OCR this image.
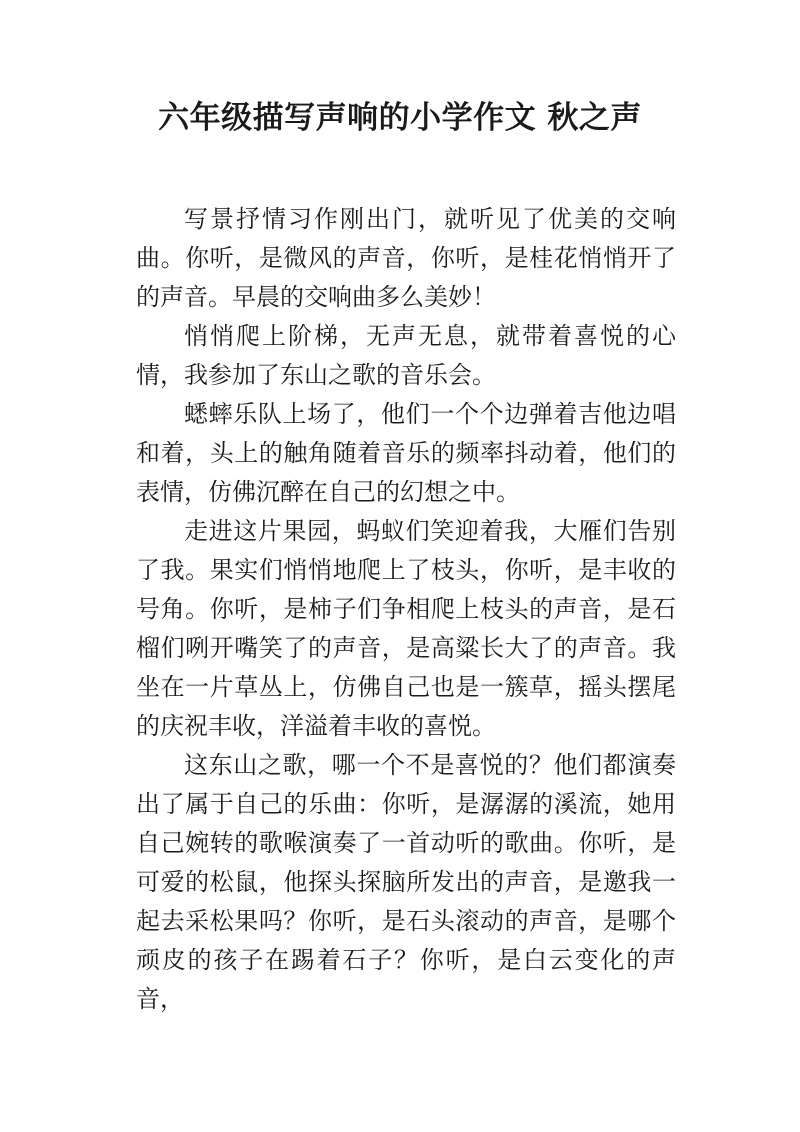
六年级描写声响的小学作文 秋之声

写景抒情习作刚出门，就听见了优美的交响曲。你听，是微风的声音，你听，是桂花悄悄开了的声音。早晨的交响曲多么美妙！

悄悄爬上阶梯，无声无息，就带着喜悦的心情，我参加了东山之歌的音乐会。

蟋蟀乐队上场了，他们一个个边弹着吉他边唱和着，头上的触角随着音乐的频率抖动着，他们的表情，仿佛沉醉在自己的幻想之中。

走进这片果园，蚂蚁们笑迎着我，大雁们告别了我。果实们悄悄地爬上了枝头，你听，是丰收的号角。你听，是柿子们争相爬上枝头的声音，是石榴们咧开嘴笑了的声音，是高粱长大了的声音。我坐在一片草丛上，仿佛自己也是一簇草，摇头摆尾的庆祝丰收，洋溢着丰收的喜悦。

这东山之歌，哪一个不是喜悦的？他们都演奏出了属于自己的乐曲：你听，是潺潺的溪流，她用自己婉转的歌喉演奏了一首动听的歌曲。你听，是可爱的松鼠，他探头探脑所发出的声音，是邀我一起去采松果吗？你听，是石头滚动的声音，是哪个顽皮的孩子在踢着石子？你听，是白云变化的声音，
